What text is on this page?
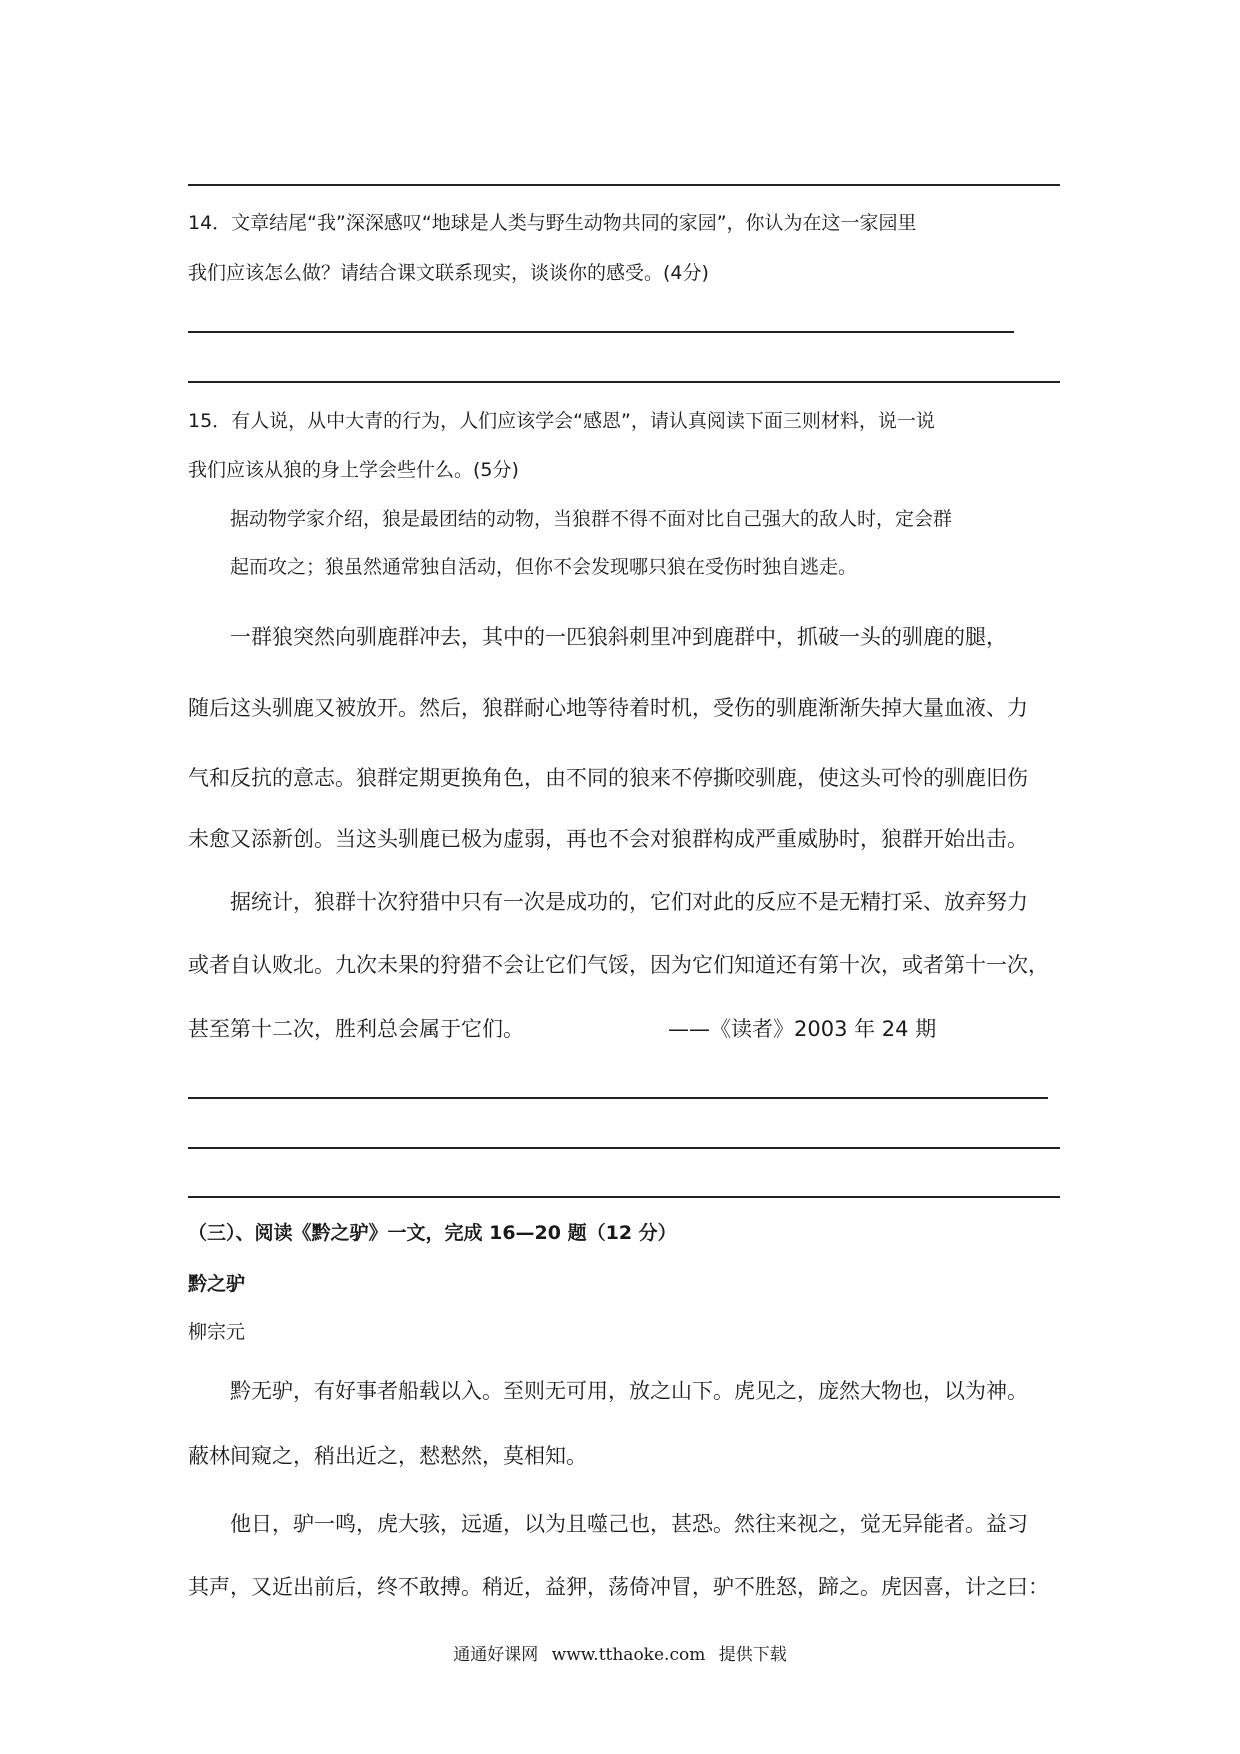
14．文章结尾“我”深深感叹“地球是人类与野生动物共同的家园”，你认为在这一家园里
我们应该怎么做？请结合课文联系现实，谈谈你的感受。(4分)
15．有人说，从中大青的行为，人们应该学会“感恩”，请认真阅读下面三则材料，说一说
我们应该从狼的身上学会些什么。(5分)
据动物学家介绍，狼是最团结的动物，当狼群不得不面对比自己强大的敌人时，定会群
起而攻之；狼虽然通常独自活动，但你不会发现哪只狼在受伤时独自逃走。
一群狼突然向驯鹿群冲去，其中的一匹狼斜刺里冲到鹿群中，抓破一头的驯鹿的腿，
随后这头驯鹿又被放开。然后，狼群耐心地等待着时机，受伤的驯鹿渐渐失掉大量血液、力
气和反抗的意志。狼群定期更换角色，由不同的狼来不停撕咬驯鹿，使这头可怜的驯鹿旧伤
未愈又添新创。当这头驯鹿已极为虚弱，再也不会对狼群构成严重威胁时，狼群开始出击。
据统计，狼群十次狩猎中只有一次是成功的，它们对此的反应不是无精打采、放弃努力
或者自认败北。九次未果的狩猎不会让它们气馁，因为它们知道还有第十次，或者第十一次，
甚至第十二次，胜利总会属于它们。	——《读者》2003 年 24 期
（三）、阅读《黔之驴》一文，完成 16—20 题（12 分）
黔之驴
柳宗元
黔无驴，有好事者船载以入。至则无可用，放之山下。虎见之，庞然大物也，以为神。
蔽林间窥之，稍出近之，慭慭然，莫相知。
他日，驴一鸣，虎大骇，远遁，以为且噬己也，甚恐。然往来视之，觉无异能者。益习
其声，又近出前后，终不敢搏。稍近，益狎，荡倚冲冒，驴不胜怒，蹄之。虎因喜，计之曰：
通通好课网 www.tthaoke.com 提供下载
